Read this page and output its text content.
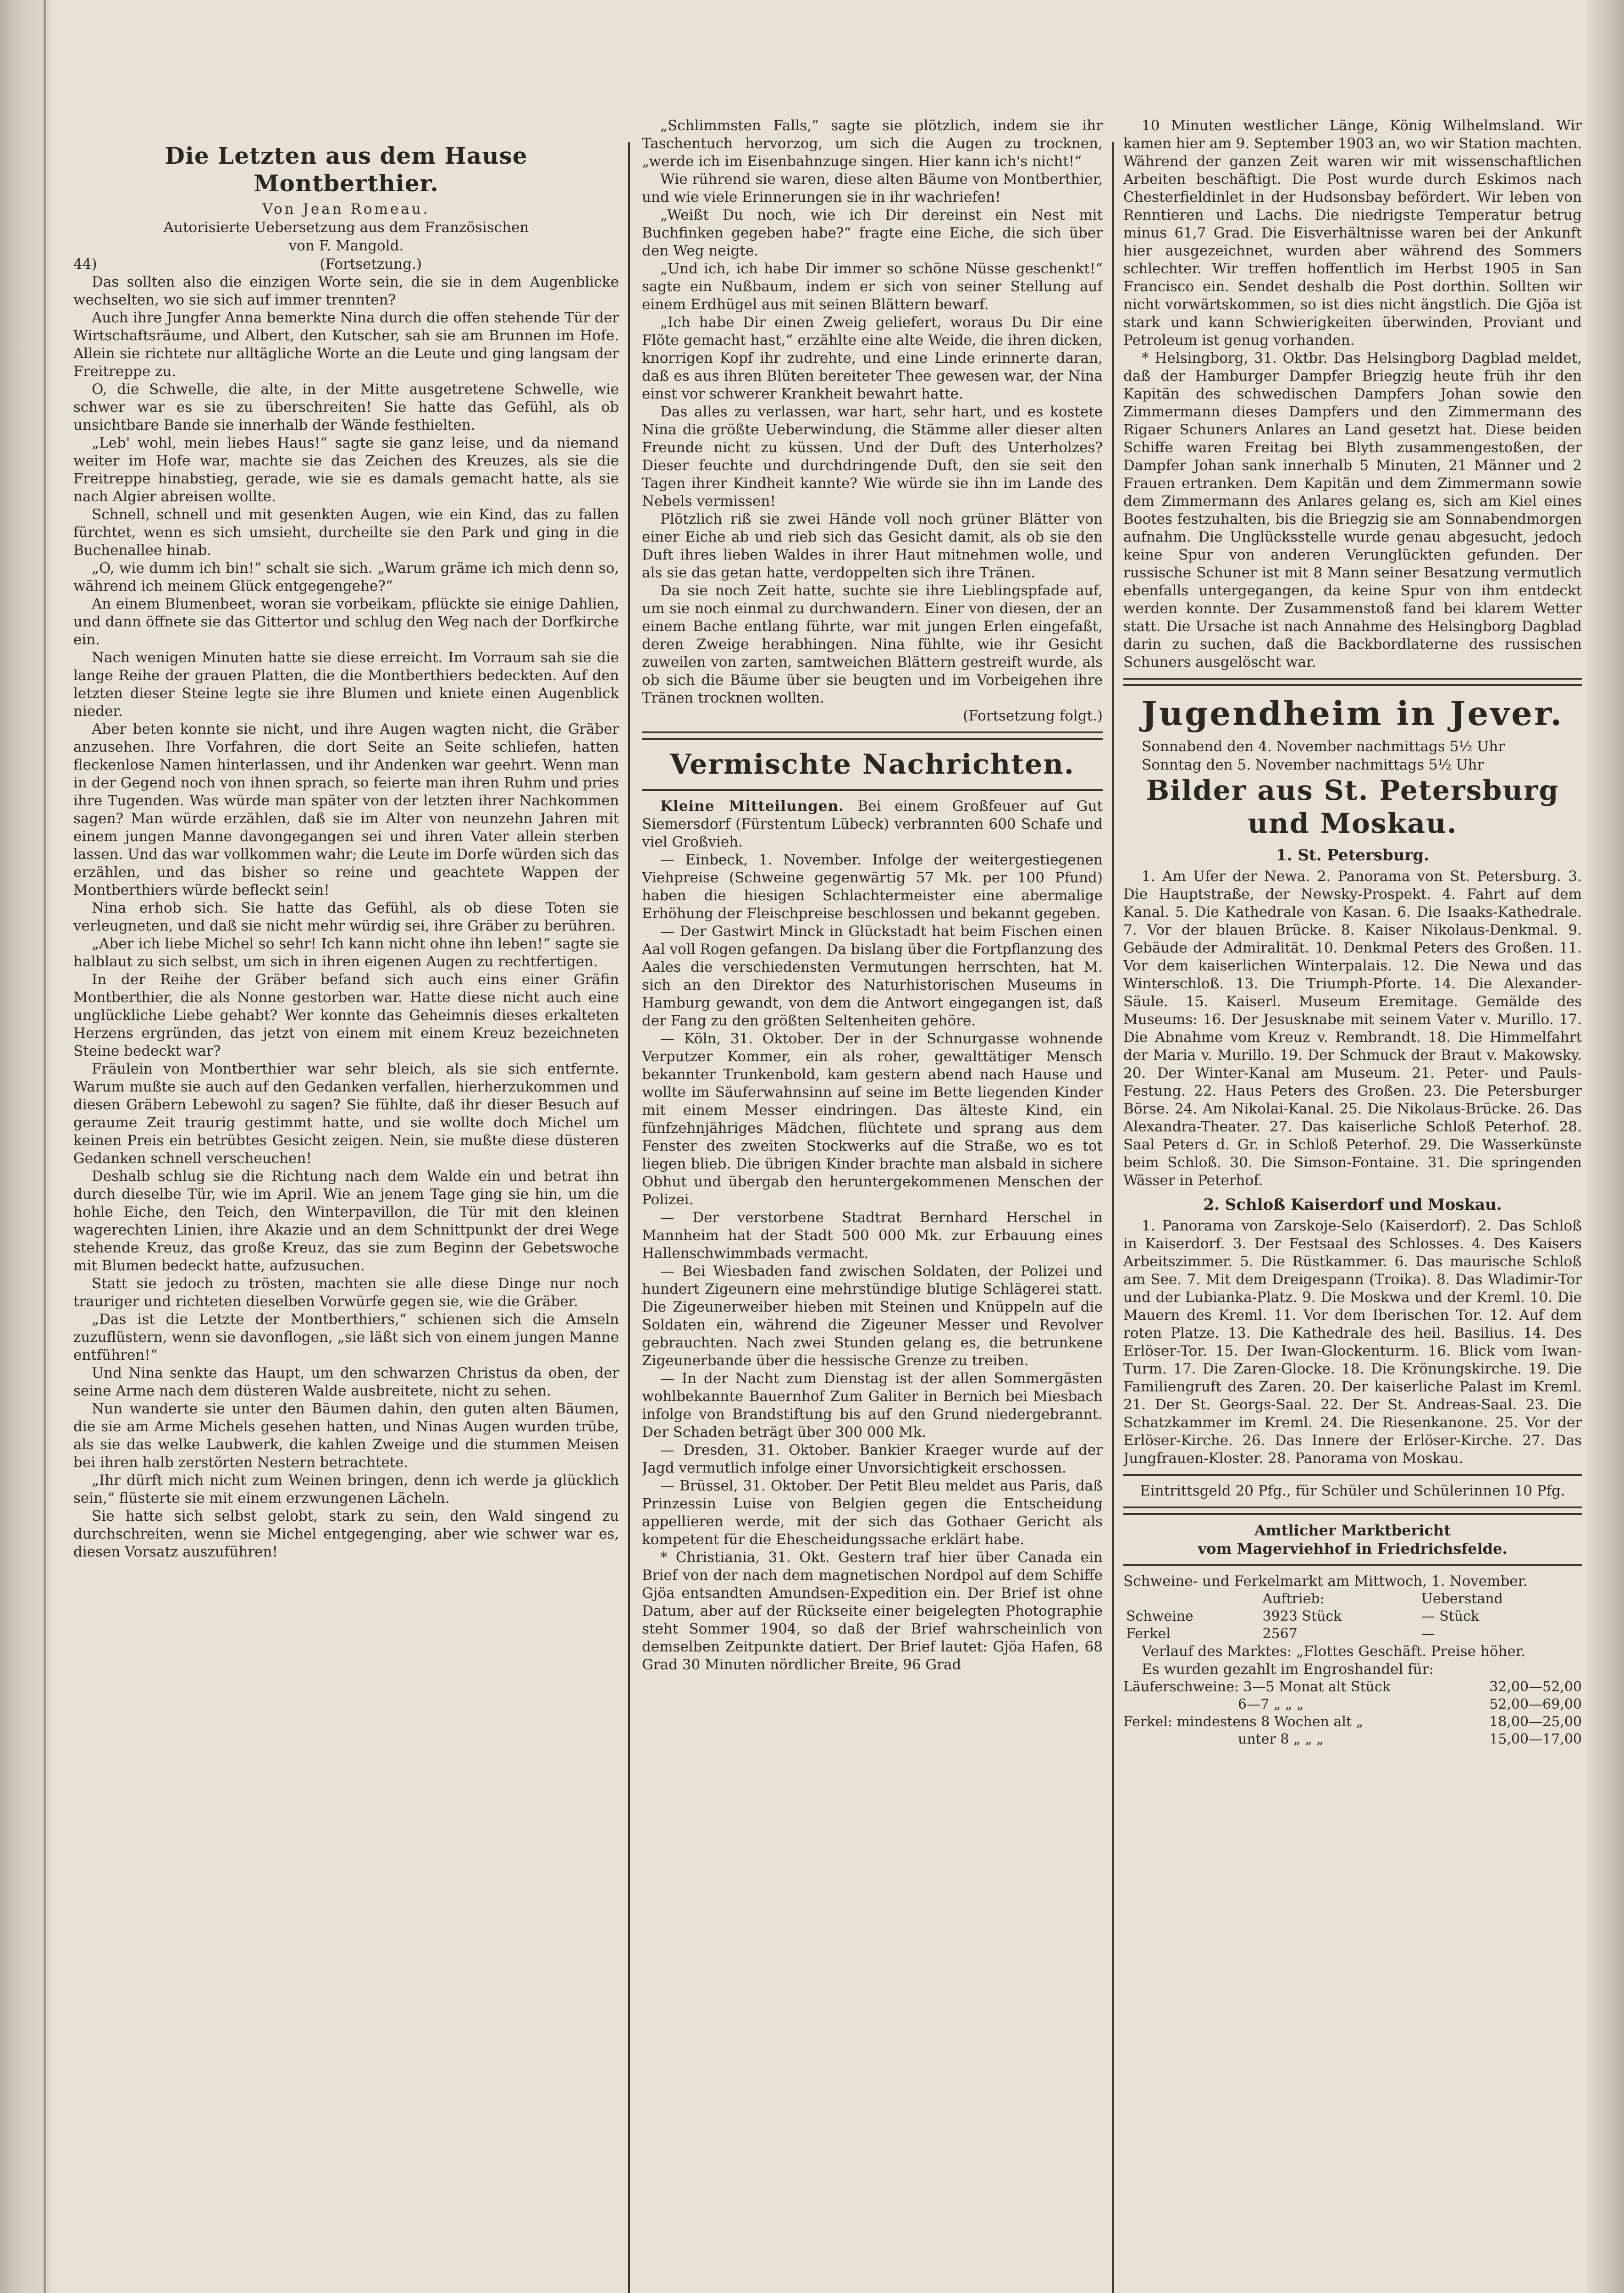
Die Letzten aus dem Hause Montberthier.
Von Jean Romeau.
Autorisierte Uebersetzung aus dem Französischen
von F. Mangold.
44)	(Fortsetzung.)

Das sollten also die einzigen Worte sein, die sie in dem Augenblicke wechselten, wo sie sich auf immer trennten?

Auch ihre Jungfer Anna bemerkte Nina durch die offen stehende Tür der Wirtschaftsräume, und Albert, den Kutscher, sah sie am Brunnen im Hofe. Allein sie richtete nur alltägliche Worte an die Leute und ging langsam der Freitreppe zu.

O, die Schwelle, die alte, in der Mitte ausgetretene Schwelle, wie schwer war es sie zu überschreiten! Sie hatte das Gefühl, als ob unsichtbare Bande sie innerhalb der Wände festhielten.

„Leb' wohl, mein liebes Haus!“ sagte sie ganz leise, und da niemand weiter im Hofe war, machte sie das Zeichen des Kreuzes, als sie die Freitreppe hinabstieg, gerade, wie sie es damals gemacht hatte, als sie nach Algier abreisen wollte.

Schnell, schnell und mit gesenkten Augen, wie ein Kind, das zu fallen fürchtet, wenn es sich umsieht, durcheilte sie den Park und ging in die Buchenallee hinab.

„O, wie dumm ich bin!“ schalt sie sich. „Warum gräme ich mich denn so, während ich meinem Glück entgegengehe?“

An einem Blumenbeet, woran sie vorbeikam, pflückte sie einige Dahlien, und dann öffnete sie das Gittertor und schlug den Weg nach der Dorfkirche ein.

Nach wenigen Minuten hatte sie diese erreicht. Im Vorraum sah sie die lange Reihe der grauen Platten, die die Montberthiers bedeckten. Auf den letzten dieser Steine legte sie ihre Blumen und kniete einen Augenblick nieder.

Aber beten konnte sie nicht, und ihre Augen wagten nicht, die Gräber anzusehen. Ihre Vorfahren, die dort Seite an Seite schliefen, hatten fleckenlose Namen hinterlassen, und ihr Andenken war geehrt. Wenn man in der Gegend noch von ihnen sprach, so feierte man ihren Ruhm und pries ihre Tugenden. Was würde man später von der letzten ihrer Nachkommen sagen? Man würde erzählen, daß sie im Alter von neunzehn Jahren mit einem jungen Manne davongegangen sei und ihren Vater allein sterben lassen. Und das war vollkommen wahr; die Leute im Dorfe würden sich das erzählen, und das bisher so reine und geachtete Wappen der Montberthiers würde befleckt sein!

Nina erhob sich. Sie hatte das Gefühl, als ob diese Toten sie verleugneten, und daß sie nicht mehr würdig sei, ihre Gräber zu berühren.

„Aber ich liebe Michel so sehr! Ich kann nicht ohne ihn leben!“ sagte sie halblaut zu sich selbst, um sich in ihren eigenen Augen zu rechtfertigen.

In der Reihe der Gräber befand sich auch eins einer Gräfin Montberthier, die als Nonne gestorben war. Hatte diese nicht auch eine unglückliche Liebe gehabt? Wer konnte das Geheimnis dieses erkalteten Herzens ergründen, das jetzt von einem mit einem Kreuz bezeichneten Steine bedeckt war?

Fräulein von Montberthier war sehr bleich, als sie sich entfernte. Warum mußte sie auch auf den Gedanken verfallen, hierherzukommen und diesen Gräbern Lebewohl zu sagen? Sie fühlte, daß ihr dieser Besuch auf geraume Zeit traurig gestimmt hatte, und sie wollte doch Michel um keinen Preis ein betrübtes Gesicht zeigen. Nein, sie mußte diese düsteren Gedanken schnell verscheuchen!

Deshalb schlug sie die Richtung nach dem Walde ein und betrat ihn durch dieselbe Tür, wie im April. Wie an jenem Tage ging sie hin, um die hohle Eiche, den Teich, den Winterpavillon, die Tür mit den kleinen wagerechten Linien, ihre Akazie und an dem Schnittpunkt der drei Wege stehende Kreuz, das große Kreuz, das sie zum Beginn der Gebetswoche mit Blumen bedeckt hatte, aufzusuchen.

Statt sie jedoch zu trösten, machten sie alle diese Dinge nur noch trauriger und richteten dieselben Vorwürfe gegen sie, wie die Gräber.

„Das ist die Letzte der Montberthiers,“ schienen sich die Amseln zuzuflüstern, wenn sie davonflogen, „sie läßt sich von einem jungen Manne entführen!“

Und Nina senkte das Haupt, um den schwarzen Christus da oben, der seine Arme nach dem düsteren Walde ausbreitete, nicht zu sehen.

Nun wanderte sie unter den Bäumen dahin, den guten alten Bäumen, die sie am Arme Michels gesehen hatten, und Ninas Augen wurden trübe, als sie das welke Laubwerk, die kahlen Zweige und die stummen Meisen bei ihren halb zerstörten Nestern betrachtete.

„Ihr dürft mich nicht zum Weinen bringen, denn ich werde ja glücklich sein,“ flüsterte sie mit einem erzwungenen Lächeln.

Sie hatte sich selbst gelobt, stark zu sein, den Wald singend zu durchschreiten, wenn sie Michel entgegenging, aber wie schwer war es, diesen Vorsatz auszuführen!

„Schlimmsten Falls,“ sagte sie plötzlich, indem sie ihr Taschentuch hervorzog, um sich die Augen zu trocknen, „werde ich im Eisenbahnzuge singen. Hier kann ich's nicht!“

Wie rührend sie waren, diese alten Bäume von Montberthier, und wie viele Erinnerungen sie in ihr wachriefen!

„Weißt Du noch, wie ich Dir dereinst ein Nest mit Buchfinken gegeben habe?“ fragte eine Eiche, die sich über den Weg neigte.

„Und ich, ich habe Dir immer so schöne Nüsse geschenkt!“ sagte ein Nußbaum, indem er sich von seiner Stellung auf einem Erdhügel aus mit seinen Blättern bewarf.

„Ich habe Dir einen Zweig geliefert, woraus Du Dir eine Flöte gemacht hast,“ erzählte eine alte Weide, die ihren dicken, knorrigen Kopf ihr zudrehte, und eine Linde erinnerte daran, daß es aus ihren Blüten bereiteter Thee gewesen war, der Nina einst vor schwerer Krankheit bewahrt hatte.

Das alles zu verlassen, war hart, sehr hart, und es kostete Nina die größte Ueberwindung, die Stämme aller dieser alten Freunde nicht zu küssen. Und der Duft des Unterholzes? Dieser feuchte und durchdringende Duft, den sie seit den Tagen ihrer Kindheit kannte? Wie würde sie ihn im Lande des Nebels vermissen!

Plötzlich riß sie zwei Hände voll noch grüner Blätter von einer Eiche ab und rieb sich das Gesicht damit, als ob sie den Duft ihres lieben Waldes in ihrer Haut mitnehmen wolle, und als sie das getan hatte, verdoppelten sich ihre Tränen.

Da sie noch Zeit hatte, suchte sie ihre Lieblingspfade auf, um sie noch einmal zu durchwandern. Einer von diesen, der an einem Bache entlang führte, war mit jungen Erlen eingefaßt, deren Zweige herabhingen. Nina fühlte, wie ihr Gesicht zuweilen von zarten, samtweichen Blättern gestreift wurde, als ob sich die Bäume über sie beugten und im Vorbeigehen ihre Tränen trocknen wollten.

(Fortsetzung folgt.)

Vermischte Nachrichten.

Kleine Mitteilungen. Bei einem Großfeuer auf Gut Siemersdorf (Fürstentum Lübeck) verbrannten 600 Schafe und viel Großvieh.

— Einbeck, 1. November. Infolge der weitergestiegenen Viehpreise (Schweine gegenwärtig 57 Mk. per 100 Pfund) haben die hiesigen Schlachtermeister eine abermalige Erhöhung der Fleischpreise beschlossen und bekannt gegeben.

— Der Gastwirt Minck in Glückstadt hat beim Fischen einen Aal voll Rogen gefangen. Da bislang über die Fortpflanzung des Aales die verschiedensten Vermutungen herrschten, hat M. sich an den Direktor des Naturhistorischen Museums in Hamburg gewandt, von dem die Antwort eingegangen ist, daß der Fang zu den größten Seltenheiten gehöre.

— Köln, 31. Oktober. Der in der Schnurgasse wohnende Verputzer Kommer, ein als roher, gewalttätiger Mensch bekannter Trunkenbold, kam gestern abend nach Hause und wollte im Säuferwahnsinn auf seine im Bette liegenden Kinder mit einem Messer eindringen. Das älteste Kind, ein fünfzehnjähriges Mädchen, flüchtete und sprang aus dem Fenster des zweiten Stockwerks auf die Straße, wo es tot liegen blieb. Die übrigen Kinder brachte man alsbald in sichere Obhut und übergab den heruntergekommenen Menschen der Polizei.

— Der verstorbene Stadtrat Bernhard Herschel in Mannheim hat der Stadt 500 000 Mk. zur Erbauung eines Hallenschwimmbads vermacht.

— Bei Wiesbaden fand zwischen Soldaten, der Polizei und hundert Zigeunern eine mehrstündige blutige Schlägerei statt. Die Zigeunerweiber hieben mit Steinen und Knüppeln auf die Soldaten ein, während die Zigeuner Messer und Revolver gebrauchten. Nach zwei Stunden gelang es, die betrunkene Zigeunerbande über die hessische Grenze zu treiben.

— In der Nacht zum Dienstag ist der allen Sommergästen wohlbekannte Bauernhof Zum Galiter in Bernich bei Miesbach infolge von Brandstiftung bis auf den Grund niedergebrannt. Der Schaden beträgt über 300 000 Mk.

— Dresden, 31. Oktober. Bankier Kraeger wurde auf der Jagd vermutlich infolge einer Unvorsichtigkeit erschossen.

— Brüssel, 31. Oktober. Der Petit Bleu meldet aus Paris, daß Prinzessin Luise von Belgien gegen die Entscheidung appellieren werde, mit der sich das Gothaer Gericht als kompetent für die Ehescheidungssache erklärt habe.

* Christiania, 31. Okt. Gestern traf hier über Canada ein Brief von der nach dem magnetischen Nordpol auf dem Schiffe Gjöa entsandten Amundsen-Expedition ein. Der Brief ist ohne Datum, aber auf der Rückseite einer beigelegten Photographie steht Sommer 1904, so daß der Brief wahrscheinlich von demselben Zeitpunkte datiert. Der Brief lautet: Gjöa Hafen, 68 Grad 30 Minuten nördlicher Breite, 96 Grad

10 Minuten westlicher Länge, König Wilhelmsland. Wir kamen hier am 9. September 1903 an, wo wir Station machten. Während der ganzen Zeit waren wir mit wissenschaftlichen Arbeiten beschäftigt. Die Post wurde durch Eskimos nach Chesterfieldinlet in der Hudsonsbay befördert. Wir leben von Renntieren und Lachs. Die niedrigste Temperatur betrug minus 61,7 Grad. Die Eisverhältnisse waren bei der Ankunft hier ausgezeichnet, wurden aber während des Sommers schlechter. Wir treffen hoffentlich im Herbst 1905 in San Francisco ein. Sendet deshalb die Post dorthin. Sollten wir nicht vorwärtskommen, so ist dies nicht ängstlich. Die Gjöa ist stark und kann Schwierigkeiten überwinden, Proviant und Petroleum ist genug vorhanden.

* Helsingborg, 31. Oktbr. Das Helsingborg Dagblad meldet, daß der Hamburger Dampfer Briegzig heute früh ihr den Kapitän des schwedischen Dampfers Johan sowie den Zimmermann dieses Dampfers und den Zimmermann des Rigaer Schuners Anlares an Land gesetzt hat. Diese beiden Schiffe waren Freitag bei Blyth zusammengestoßen, der Dampfer Johan sank innerhalb 5 Minuten, 21 Männer und 2 Frauen ertranken. Dem Kapitän und dem Zimmermann sowie dem Zimmermann des Anlares gelang es, sich am Kiel eines Bootes festzuhalten, bis die Briegzig sie am Sonnabendmorgen aufnahm. Die Unglücksstelle wurde genau abgesucht, jedoch keine Spur von anderen Verunglückten gefunden. Der russische Schuner ist mit 8 Mann seiner Besatzung vermutlich ebenfalls untergegangen, da keine Spur von ihm entdeckt werden konnte. Der Zusammenstoß fand bei klarem Wetter statt. Die Ursache ist nach Annahme des Helsingborg Dagblad darin zu suchen, daß die Backbordlaterne des russischen Schuners ausgelöscht war.

Jugendheim in Jever.
Sonnabend den 4. November nachmittags 5½ Uhr
Sonntag den 5. November nachmittags 5½ Uhr
Bilder aus St. Petersburg und Moskau.
1. St. Petersburg.

1. Am Ufer der Newa. 2. Panorama von St. Petersburg. 3. Die Hauptstraße, der Newsky-Prospekt. 4. Fahrt auf dem Kanal. 5. Die Kathedrale von Kasan. 6. Die Isaaks-Kathedrale. 7. Vor der blauen Brücke. 8. Kaiser Nikolaus-Denkmal. 9. Gebäude der Admiralität. 10. Denkmal Peters des Großen. 11. Vor dem kaiserlichen Winterpalais. 12. Die Newa und das Winterschloß. 13. Die Triumph-Pforte. 14. Die Alexander-Säule. 15. Kaiserl. Museum Eremitage. Gemälde des Museums: 16. Der Jesusknabe mit seinem Vater v. Murillo. 17. Die Abnahme vom Kreuz v. Rembrandt. 18. Die Himmelfahrt der Maria v. Murillo. 19. Der Schmuck der Braut v. Makowsky. 20. Der Winter-Kanal am Museum. 21. Peter- und Pauls-Festung. 22. Haus Peters des Großen. 23. Die Petersburger Börse. 24. Am Nikolai-Kanal. 25. Die Nikolaus-Brücke. 26. Das Alexandra-Theater. 27. Das kaiserliche Schloß Peterhof. 28. Saal Peters d. Gr. in Schloß Peterhof. 29. Die Wasserkünste beim Schloß. 30. Die Simson-Fontaine. 31. Die springenden Wässer in Peterhof.

2. Schloß Kaiserdorf und Moskau.

1. Panorama von Zarskoje-Selo (Kaiserdorf). 2. Das Schloß in Kaiserdorf. 3. Der Festsaal des Schlosses. 4. Des Kaisers Arbeitszimmer. 5. Die Rüstkammer. 6. Das maurische Schloß am See. 7. Mit dem Dreigespann (Troika). 8. Das Wladimir-Tor und der Lubianka-Platz. 9. Die Moskwa und der Kreml. 10. Die Mauern des Kreml. 11. Vor dem Iberischen Tor. 12. Auf dem roten Platze. 13. Die Kathedrale des heil. Basilius. 14. Des Erlöser-Tor. 15. Der Iwan-Glockenturm. 16. Blick vom Iwan-Turm. 17. Die Zaren-Glocke. 18. Die Krönungskirche. 19. Die Familiengruft des Zaren. 20. Der kaiserliche Palast im Kreml. 21. Der St. Georgs-Saal. 22. Der St. Andreas-Saal. 23. Die Schatzkammer im Kreml. 24. Die Riesenkanone. 25. Vor der Erlöser-Kirche. 26. Das Innere der Erlöser-Kirche. 27. Das Jungfrauen-Kloster. 28. Panorama von Moskau.

Eintrittsgeld 20 Pfg., für Schüler und Schülerinnen 10 Pfg.

Amtlicher Marktbericht
vom Magerviehhof in Friedrichsfelde.

Schweine- und Ferkelmarkt am Mittwoch, 1. November.

	Auftrieb:	Ueberstand
Schweine	3923 Stück	— Stück
Ferkel	2567	—

Verlauf des Marktes: „Flottes Geschäft. Preise höher.

Es wurden gezahlt im Engroshandel für:

Läuferschweine: 3—5 Monat alt Stück	32,00—52,00
6—7 „ „ „	52,00—69,00
Ferkel: mindestens 8 Wochen alt „	18,00—25,00
unter 8 „ „ „	15,00—17,00
